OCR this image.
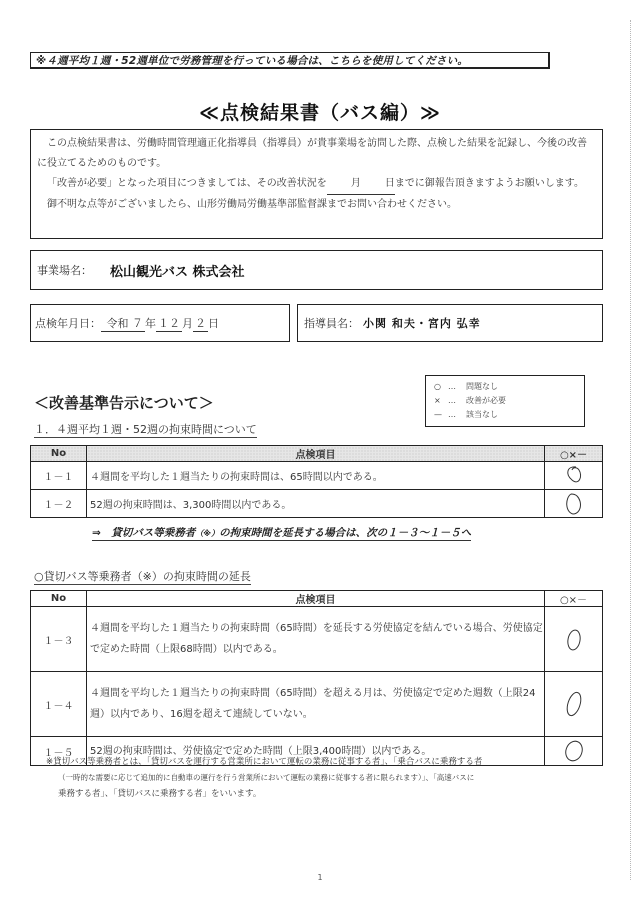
※４週平均１週・52週単位で労務管理を行っている場合は、こちらを使用してください。
≪点検結果書（バス編）≫

この点検結果書は、労働時間管理適正化指導員（指導員）が貴事業場を訪問した際、点検した結果を記録し、今後の改善に役立てるためのものです。

「改善が必要」となった項目につきましては、その改善状況を 月 日までに御報告頂きますようお願いします。

御不明な点等がございましたら、山形労働局労働基準部監督課までお問い合わせください。

事業場名： 松山観光バス 株式会社
点検年月日： 令和 ７ 年 １２ 月 ２ 日	指導員名： 小関 和夫・宮内 弘幸
＜改善基準告示について＞
○ … 問題なし
× … 改善が必要
— … 該当なし
１．４週平均１週・52週の拘束時間について
No	点検項目	○×－
１－１	４週間を平均した１週当たりの拘束時間は、65時間以内である。	

１－２	52週の拘束時間は、3,300時間以内である。	
⇒　貸切バス等乗務者（※）の拘束時間を延長する場合は、次の１－３～１－５へ
○貸切バス等乗務者（※）の拘束時間の延長
No	点検項目	○×－
１－３	４週間を平均した１週当たりの拘束時間（65時間）を延長する労使協定を結んでいる場合、労使協定で定めた時間（上限68時間）以内である。	

１－４	４週間を平均した１週当たりの拘束時間（65時間）を超える月は、労使協定で定めた週数（上限24週）以内であり、16週を超えて連続していない。	

１－５	52週の拘束時間は、労使協定で定めた時間（上限3,400時間）以内である。	
※貸切バス等乗務者とは、「貸切バスを運行する営業所において運転の業務に従事する者」、「乗合バスに乗務する者
（一時的な需要に応じて追加的に自動車の運行を行う営業所において運転の業務に従事する者に限られます）」、「高速バスに
乗務する者」、「貸切バスに乗務する者」をいいます。
1
